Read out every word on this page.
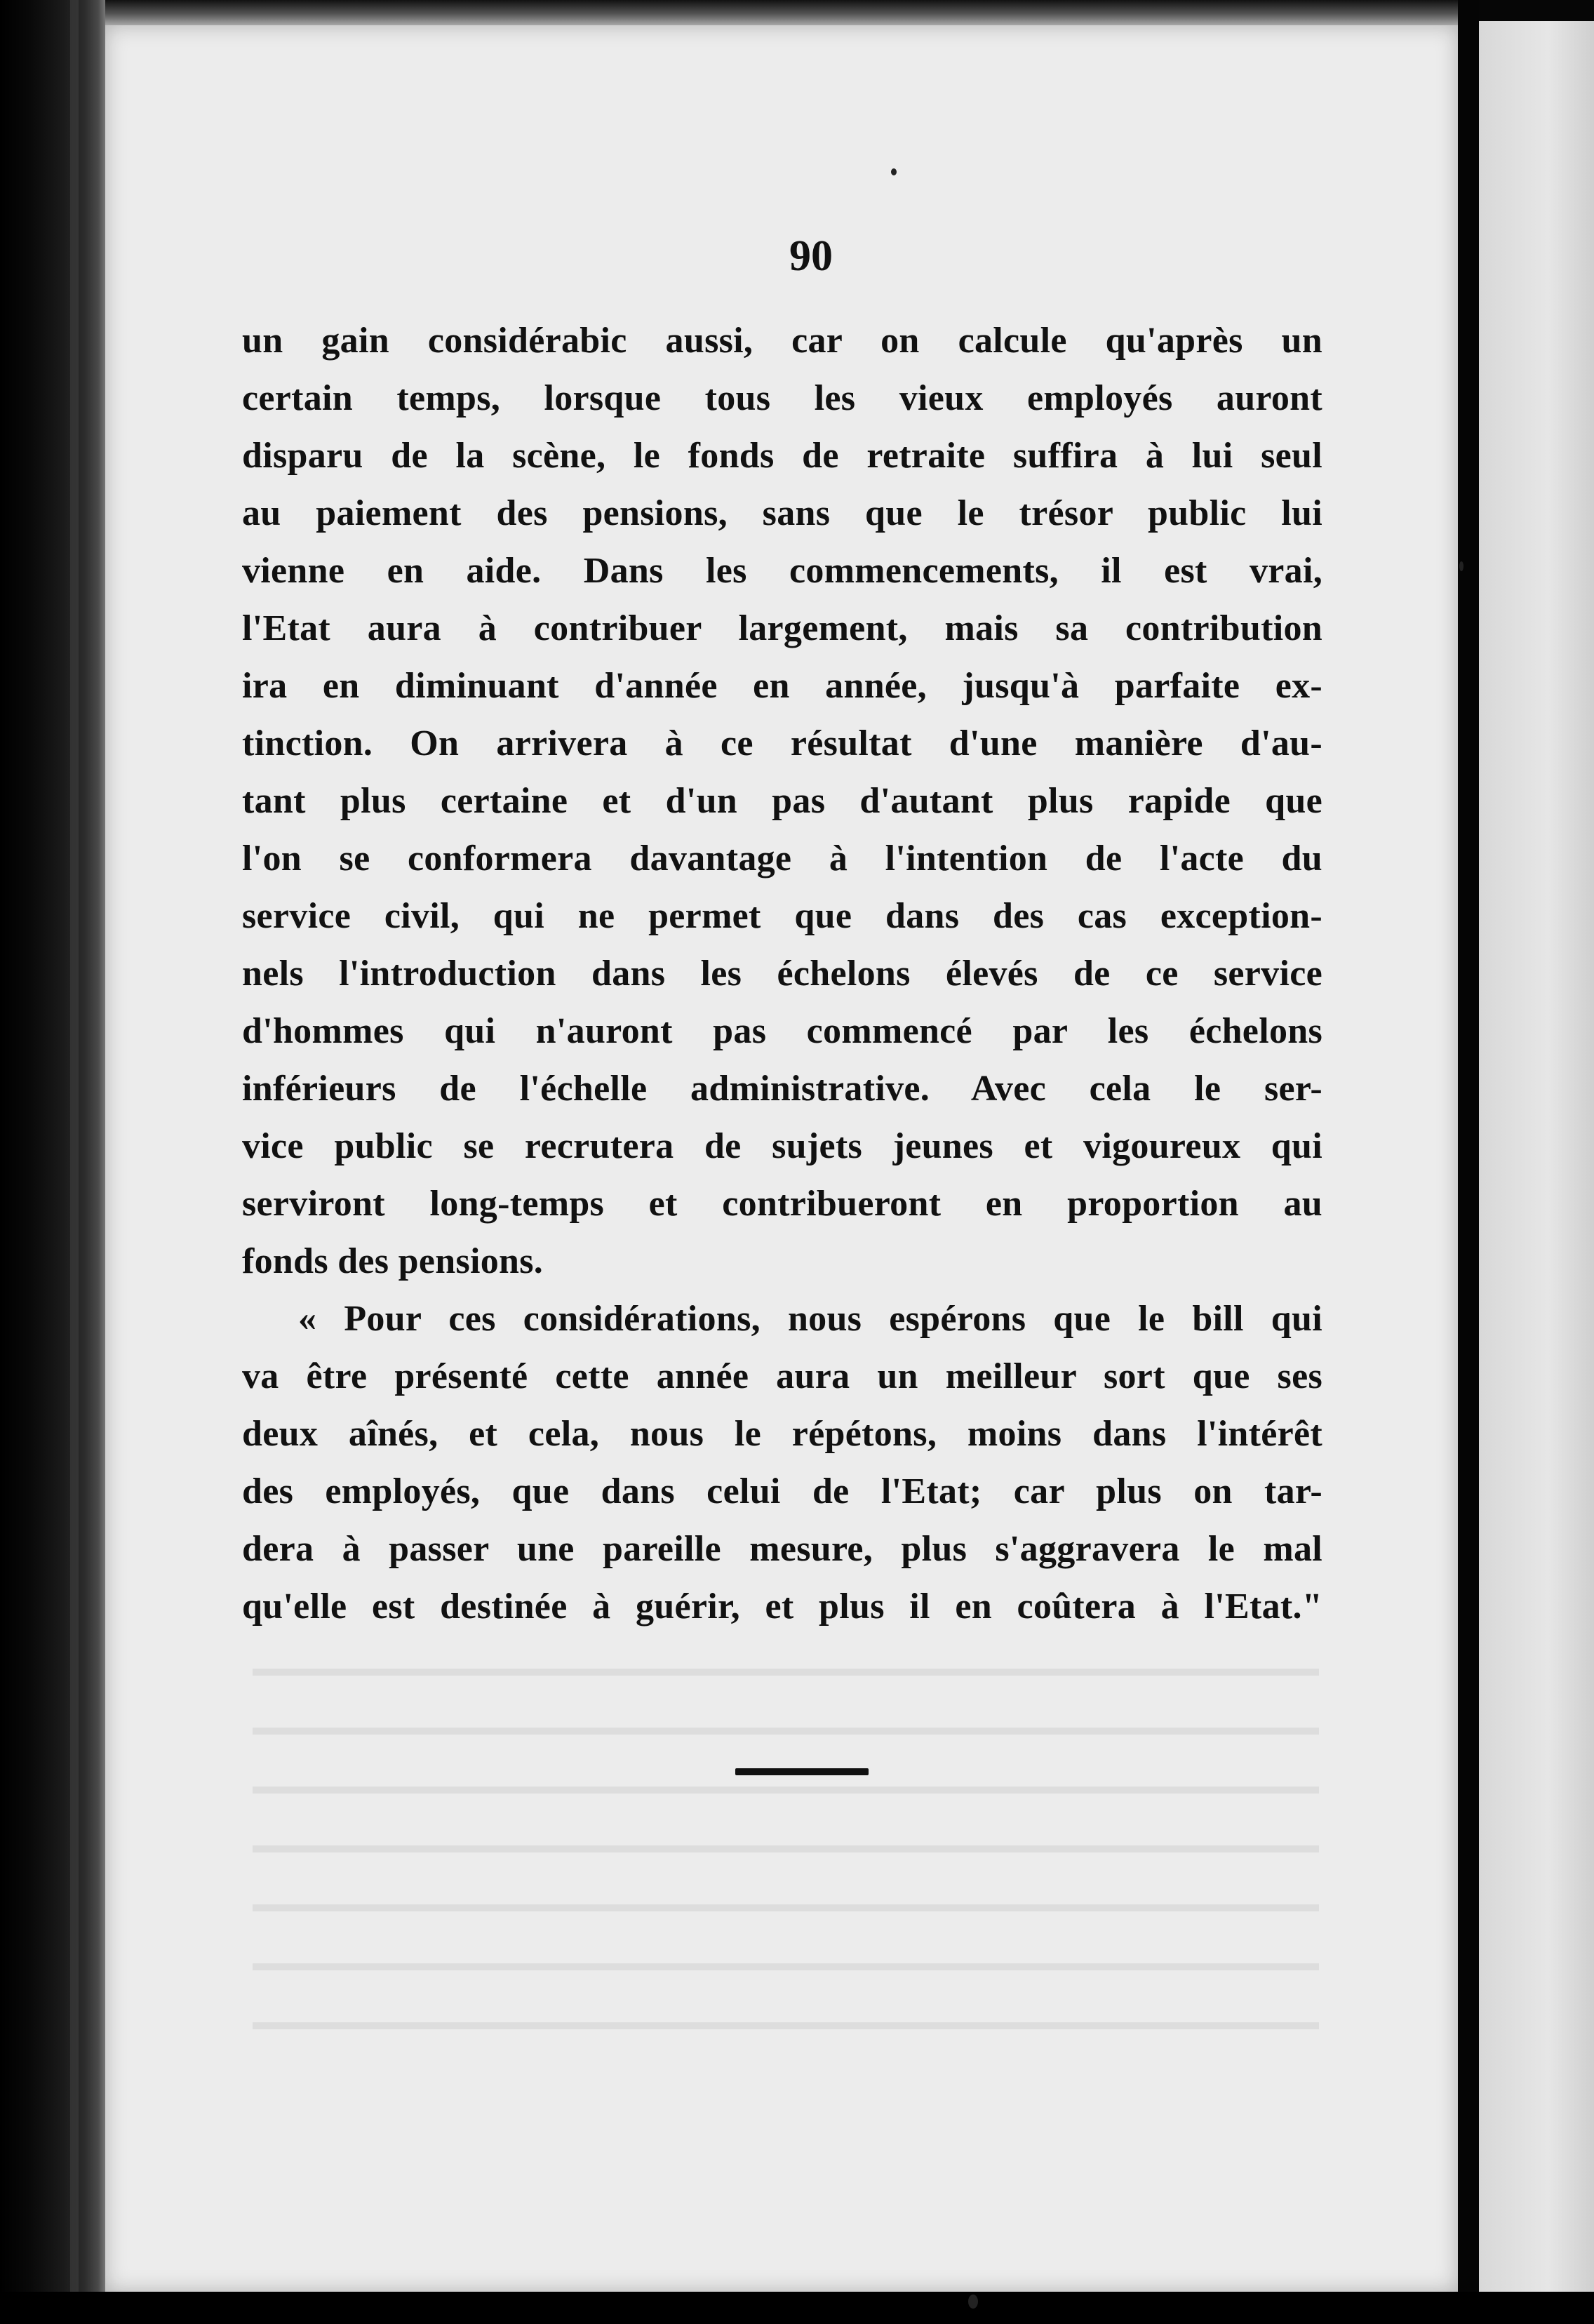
90
un gain considérabic aussi, car on calcule qu'après un
certain temps, lorsque tous les vieux employés auront
disparu de la scène, le fonds de retraite suffira à lui seul
au paiement des pensions, sans que le trésor public lui
vienne en aide. Dans les commencements, il est vrai,
l'Etat aura à contribuer largement, mais sa contribution
ira en diminuant d'année en année, jusqu'à parfaite ex-
tinction. On arrivera à ce résultat d'une manière d'au-
tant plus certaine et d'un pas d'autant plus rapide que
l'on se conformera davantage à l'intention de l'acte du
service civil, qui ne permet que dans des cas exception-
nels l'introduction dans les échelons élevés de ce service
d'hommes qui n'auront pas commencé par les échelons
inférieurs de l'échelle administrative. Avec cela le ser-
vice public se recrutera de sujets jeunes et vigoureux qui
serviront long-temps et contribueront en proportion au
fonds des pensions.
« Pour ces considérations, nous espérons que le bill qui
va être présenté cette année aura un meilleur sort que ses
deux aînés, et cela, nous le répétons, moins dans l'intérêt
des employés, que dans celui de l'Etat; car plus on tar-
dera à passer une pareille mesure, plus s'aggravera le mal
qu'elle est destinée à guérir, et plus il en coûtera à l'Etat."
